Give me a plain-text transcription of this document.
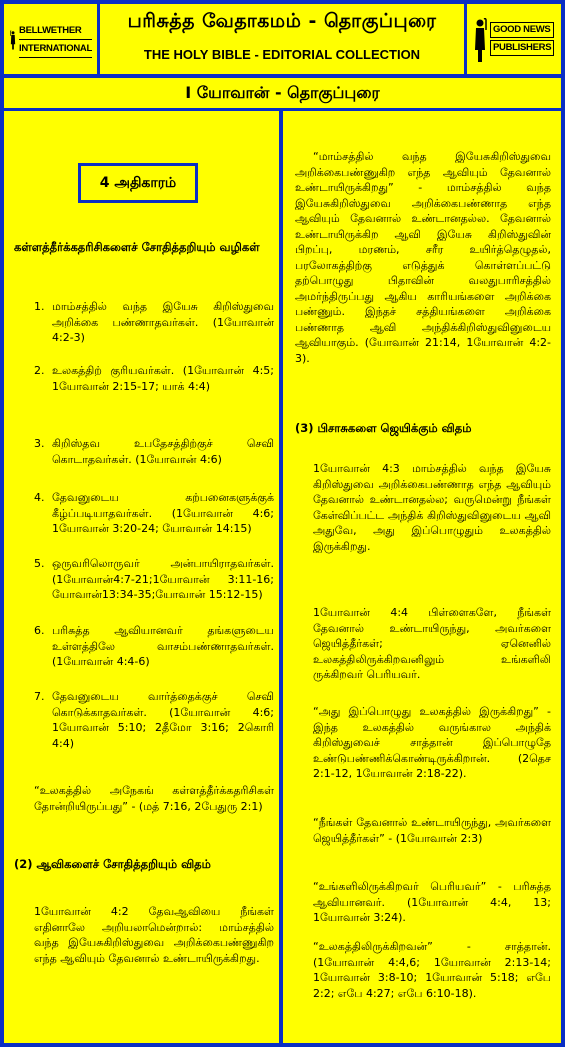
BELLWETHER
INTERNATIONAL
பரிசுத்த வேதாகமம் - தொகுப்புரை
THE HOLY BIBLE - EDITORIAL COLLECTION
GOOD NEWS
PUBLISHERS
I யோவான் - தொகுப்புரை
4 அதிகாரம்
கள்ளத்தீர்க்கதரிசிகளைச் சோதித்தறியும் வழிகள்
1. மாம்சத்தில் வந்த இயேசு கிறிஸ்துவை அறிக்கை பண்ணாதவர்கள். (1யோவான் 4:2-3)
2. உலகத்திற் குரியவர்கள். (1யோவான் 4:5; 1யோவான் 2:15-17; யாக் 4:4)
3. கிறிஸ்தவ உபதேசத்திற்குச் செவி கொடாதவர்கள். (1யோவான் 4:6)
4. தேவனுடைய கற்பனைகளுக்குக் கீழ்ப்படியாதவர்கள். (1யோவான் 4:6; 1யோவான் 3:20-24; யோவான் 14:15)
5. ஒருவரிலொருவர் அன்பாயிராதவர்கள். (1யோவான்4:7-21;1யோவான் 3:11-16; யோவான்13:34-35;யோவான் 15:12-15)
6. பரிசுத்த ஆவியானவர் தங்களுடைய உள்ளத்திலே வாசம்பண்ணாதவர்கள். (1யோவான் 4:4-6)
7. தேவனுடைய வார்த்தைக்குச் செவி கொடுக்காதவர்கள். (1யோவான் 4:6; 1யோவான் 5:10; 2தீமோ 3:16; 2கொரி 4:4)
“உலகத்தில் அநேகங் கள்ளத்தீர்க்கதரிசிகள் தோன்றியிருப்பது” - (மத் 7:16, 2பேதுரு 2:1)
(2) ஆவிகளைச் சோதித்தறியும் விதம்
1யோவான் 4:2 தேவஆவியை நீங்கள் எதினாலே அறியலாமென்றால்: மாம்சத்தில் வந்த இயேசுகிறிஸ்துவை அறிக்கைபண்ணுகிற எந்த ஆவியும் தேவனால் உண்டாயிருக்கிறது.
“மாம்சத்தில் வந்த இயேசுகிறிஸ்துவை அறிக்கைபண்ணுகிற எந்த ஆவியும் தேவனால் உண்டாயிருக்கிறது” - மாம்சத்தில் வந்த இயேசுகிறிஸ்துவை அறிக்கைபண்ணாத எந்த ஆவியும் தேவனால் உண்டானதல்ல. தேவனால் உண்டாயிருக்கிற ஆவி இயேசு கிறிஸ்துவின் பிறப்பு, மரணம், சரீர உயிர்த்தெழுதல், பரலோகத்திற்கு எடுத்துக் கொள்ளப்பட்டு தற்பொழுது பிதாவின் வலதுபாரிசத்தில் அமர்ந்திருப்பது ஆகிய காரியங்களை அறிக்கை பண்ணும். இந்தச் சத்தியங்களை அறிக்கை பண்ணாத ஆவி அந்திக்கிறிஸ்துவினுடைய ஆவியாகும். (யோவான் 21:14, 1யோவான் 4:2-3).
(3) பிசாசுகளை ஜெயிக்கும் விதம்
1யோவான் 4:3 மாம்சத்தில் வந்த இயேசு கிறிஸ்துவை அறிக்கைபண்ணாத எந்த ஆவியும் தேவனால் உண்டானதல்ல; வருமென்று நீங்கள் கேள்விப்பட்ட அந்திக் கிறிஸ்துவினுடைய ஆவி அதுவே, அது இப்பொழுதும் உலகத்தில் இருக்கிறது.
1யோவான் 4:4 பிள்ளைகளே, நீங்கள் தேவனால் உண்டாயிருந்து, அவர்களை ஜெயித்தீர்கள்; ஏனெனில் உலகத்திலிருக்கிறவனிலும் உங்களிலி ருக்கிறவர் பெரியவர்.
“அது இப்பொழுது உலகத்தில் இருக்கிறது” - இந்த உலகத்தில் வருங்கால அந்திக் கிறிஸ்துவைச் சாத்தான் இப்பொழுதே உண்டுபண்ணிக்கொண்டிருக்கிறான். (2தெச 2:1-12, 1யோவான் 2:18-22).
“நீங்கள் தேவனால் உண்டாயிருந்து, அவர்களை ஜெயித்தீர்கள்” - (1யோவான் 2:3)
“உங்களிலிருக்கிறவர் பெரியவர்” - பரிசுத்த ஆவியானவர். (1யோவான் 4:4, 13; 1யோவான் 3:24).
“உலகத்திலிருக்கிறவன்” - சாத்தான். (1யோவான் 4:4,6; 1யோவான் 2:13-14; 1யோவான் 3:8-10; 1யோவான் 5:18; எபே 2:2; எபே 4:27; எபே 6:10-18).
